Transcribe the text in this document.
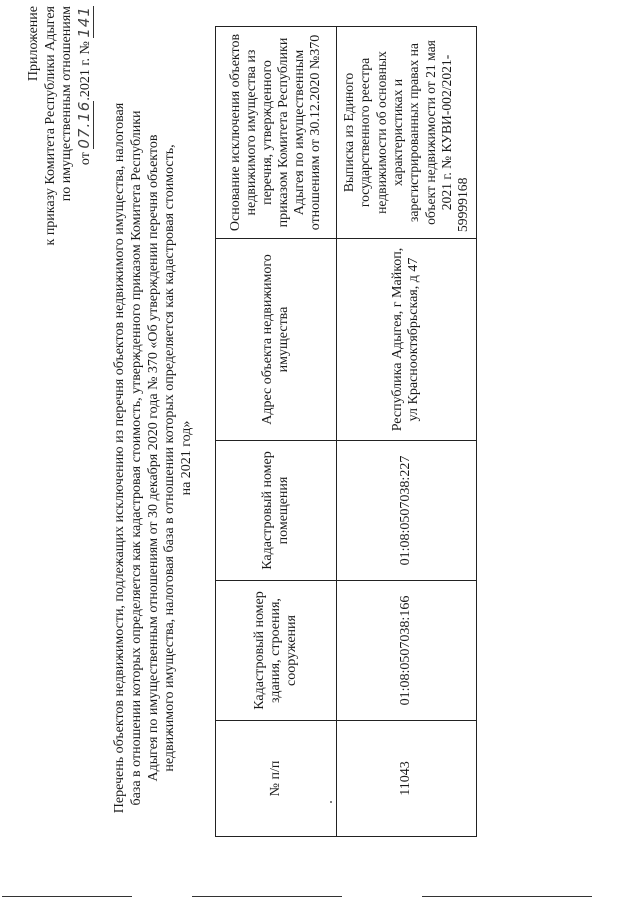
Приложение к приказу Комитета Республики Адыгея по имущественным отношениям от 07.16.2021 г. № 141
Перечень объектов недвижимости, подлежащих исключению из перечня объектов недвижимого имущества, налоговая база в отношении которых определяется как кадастровая стоимость, утвержденного приказом Комитета Республики Адыгея по имущественным отношениям от 30 декабря 2020 года № 370 «Об утверждении перечня объектов недвижимого имущества, налоговая база в отношении которых определяется как кадастровая стоимость, на 2021 год»
№ п/п	Кадастровый номер здания, строения, сооружения	Кадастровый номер помещения	Адрес объекта недвижимого имущества	Основание исключения объектов недвижимого имущества из перечня, утвержденного приказом Комитета Республики Адыгея по имущественным отношениям от 30.12.2020 №370
11043	01:08:0507038:166	01:08:0507038:227	Республика Адыгея, г Майкоп, ул Краснооктябрьская, д 47	Выписка из Единого государственного реестра недвижимости об основных характеристиках и зарегистрированных правах на объект недвижимости от 21 мая 2021 г. № КУВИ-002/2021-59999168
